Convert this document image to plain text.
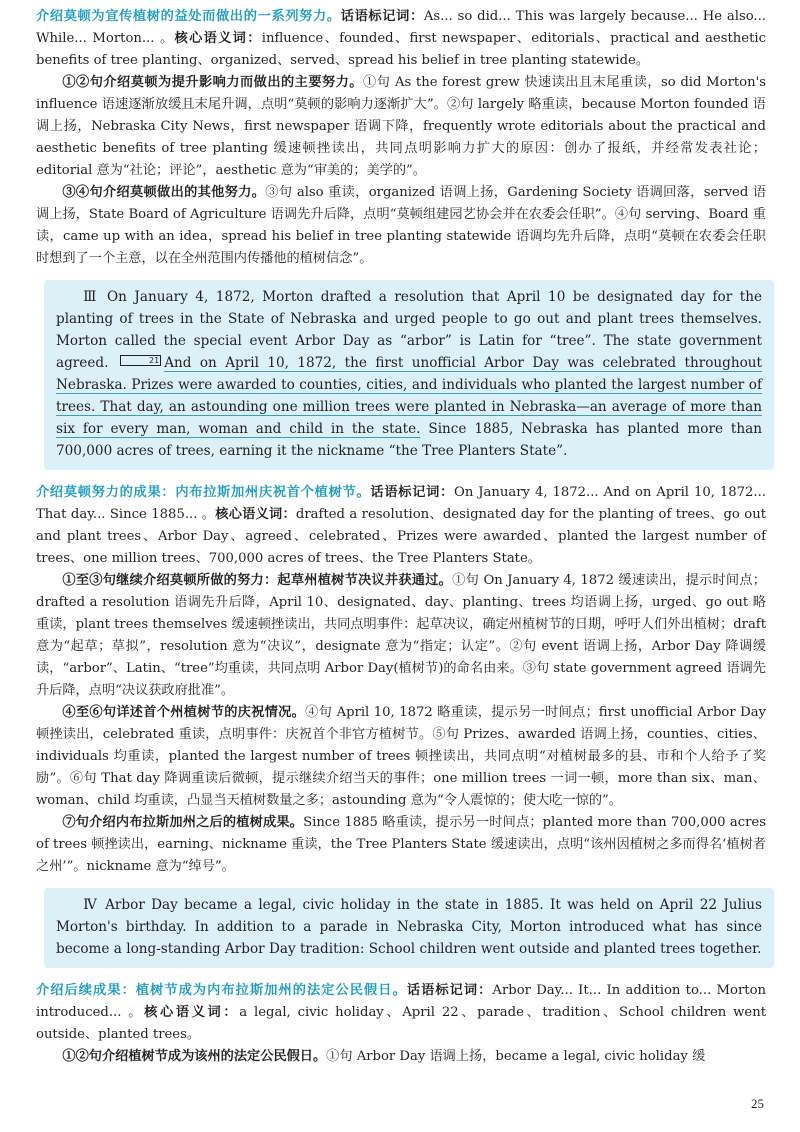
介绍莫顿为宣传植树的益处而做出的一系列努力。话语标记词：As... so did... This was largely because... He also... While... Morton... 。核心语义词：influence、founded、first newspaper、editorials、practical and aesthetic benefits of tree planting、organized、served、spread his belief in tree planting statewide。

①②句介绍莫顿为提升影响力而做出的主要努力。①句 As the forest grew 快速读出且末尾重读，so did Morton's influence 语速逐渐放缓且末尾升调，点明“莫顿的影响力逐渐扩大”。②句 largely 略重读，because Morton founded 语调上扬，Nebraska City News，first newspaper 语调下降，frequently wrote editorials about the practical and aesthetic benefits of tree planting 缓速顿挫读出，共同点明影响力扩大的原因：创办了报纸，并经常发表社论；editorial 意为“社论；评论”，aesthetic 意为“审美的；美学的”。

③④句介绍莫顿做出的其他努力。③句 also 重读，organized 语调上扬，Gardening Society 语调回落，served 语调上扬，State Board of Agriculture 语调先升后降，点明“莫顿组建园艺协会并在农委会任职”。④句 serving、Board 重读，came up with an idea，spread his belief in tree planting statewide 语调均先升后降，点明“莫顿在农委会任职时想到了一个主意，以在全州范围内传播他的植树信念”。

Ⅲ On January 4, 1872, Morton drafted a resolution that April 10 be designated day for the planting of trees in the State of Nebraska and urged people to go out and plant trees themselves. Morton called the special event Arbor Day as “arbor” is Latin for “tree”. The state government agreed.	21 And on April 10, 1872, the first unofficial Arbor Day was celebrated throughout Nebraska. Prizes were awarded to counties, cities, and individuals who planted the largest number of trees. That day, an astounding one million trees were planted in Nebraska—an average of more than six for every man, woman and child in the state. Since 1885, Nebraska has planted more than 700,000 acres of trees, earning it the nickname “the Tree Planters State”.

介绍莫顿努力的成果：内布拉斯加州庆祝首个植树节。话语标记词：On January 4, 1872... And on April 10, 1872... That day... Since 1885... 。核心语义词：drafted a resolution、designated day for the planting of trees、go out and plant trees、Arbor Day、agreed、celebrated、Prizes were awarded、planted the largest number of trees、one million trees、700,000 acres of trees、the Tree Planters State。

①至③句继续介绍莫顿所做的努力：起草州植树节决议并获通过。①句 On January 4, 1872 缓速读出，提示时间点；drafted a resolution 语调先升后降，April 10、designated、day、planting、trees 均语调上扬，urged、go out 略重读，plant trees themselves 缓速顿挫读出，共同点明事件：起草决议，确定州植树节的日期，呼吁人们外出植树；draft 意为“起草；草拟”，resolution 意为“决议”，designate 意为“指定；认定”。②句 event 语调上扬，Arbor Day 降调缓读，“arbor”、Latin、“tree”均重读，共同点明 Arbor Day(植树节)的命名由来。③句 state government agreed 语调先升后降，点明“决议获政府批准”。

④至⑥句详述首个州植树节的庆祝情况。④句 April 10, 1872 略重读，提示另一时间点；first unofficial Arbor Day 顿挫读出，celebrated 重读，点明事件：庆祝首个非官方植树节。⑤句 Prizes、awarded 语调上扬，counties、cities、individuals 均重读，planted the largest number of trees 顿挫读出，共同点明“对植树最多的县、市和个人给予了奖励”。⑥句 That day 降调重读后微顿，提示继续介绍当天的事件；one million trees 一词一顿，more than six、man、woman、child 均重读，凸显当天植树数量之多；astounding 意为“令人震惊的；使大吃一惊的”。

⑦句介绍内布拉斯加州之后的植树成果。Since 1885 略重读，提示另一时间点；planted more than 700,000 acres of trees 顿挫读出，earning、nickname 重读，the Tree Planters State 缓速读出，点明“该州因植树之多而得名‘植树者之州’”。nickname 意为“绰号”。

Ⅳ Arbor Day became a legal, civic holiday in the state in 1885. It was held on April 22 Julius Morton's birthday. In addition to a parade in Nebraska City, Morton introduced what has since become a long-standing Arbor Day tradition: School children went outside and planted trees together.

介绍后续成果：植树节成为内布拉斯加州的法定公民假日。话语标记词：Arbor Day... It... In addition to... Morton introduced... 。核心语义词：a legal, civic holiday、April 22、parade、tradition、School children went outside、planted trees。

①②句介绍植树节成为该州的法定公民假日。①句 Arbor Day 语调上扬，became a legal, civic holiday 缓

25
